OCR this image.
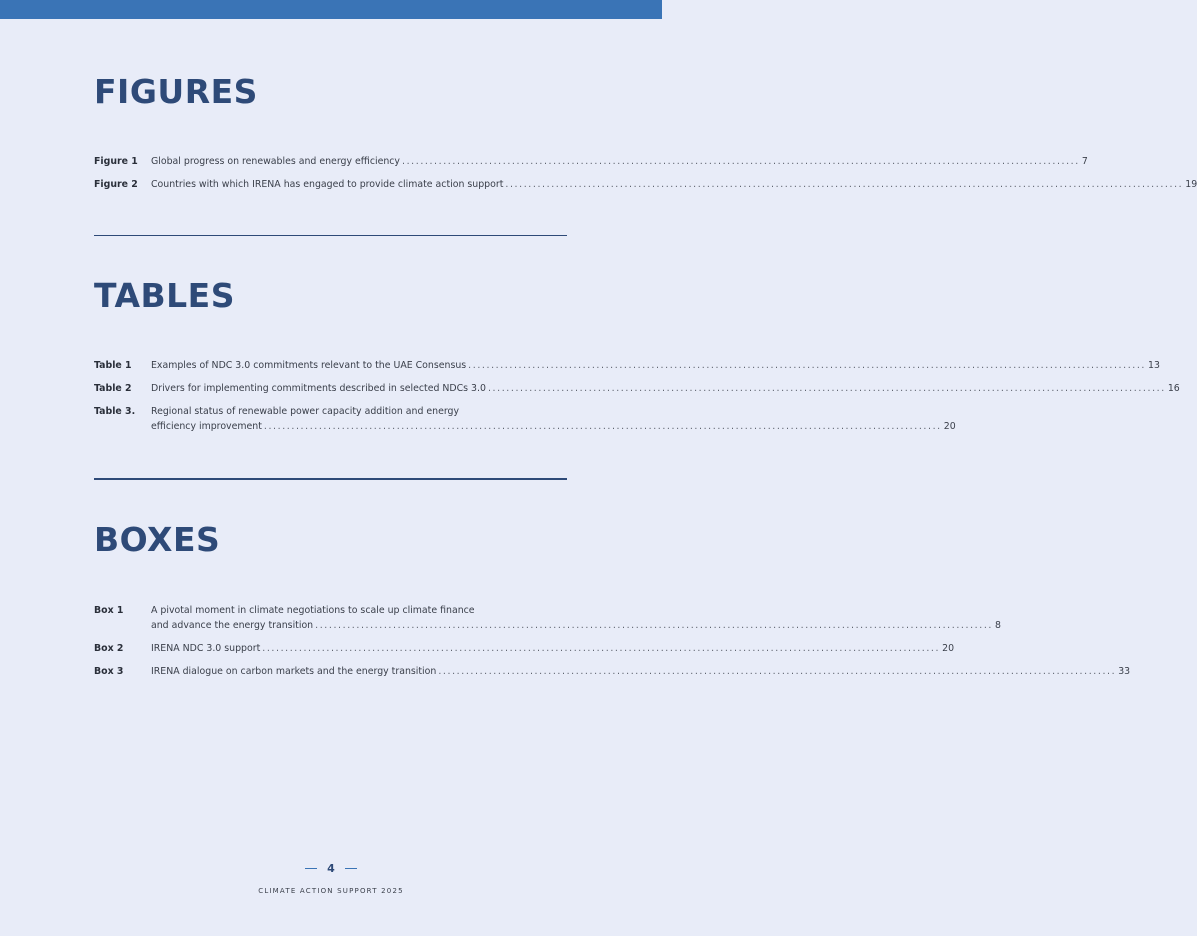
FIGURES
Figure 1	Global progress on renewables and energy efficiency .................................................................................................................................................... 7
Figure 2	Countries with which IRENA has engaged to provide climate action support .................................................................................................................................................... 19
TABLES
Table 1	Examples of NDC 3.0 commitments relevant to the UAE Consensus .................................................................................................................................................... 13
Table 2	Drivers for implementing commitments described in selected NDCs 3.0 .................................................................................................................................................... 16
Table 3.	Regional status of renewable power capacity addition and energy
efficiency improvement .................................................................................................................................................... 20
BOXES
Box 1	A pivotal moment in climate negotiations to scale up climate finance
and advance the energy transition .................................................................................................................................................... 8
Box 2	IRENA NDC 3.0 support .................................................................................................................................................... 20
Box 3	IRENA dialogue on carbon markets and the energy transition .................................................................................................................................................... 33
4
CLIMATE ACTION SUPPORT 2025
